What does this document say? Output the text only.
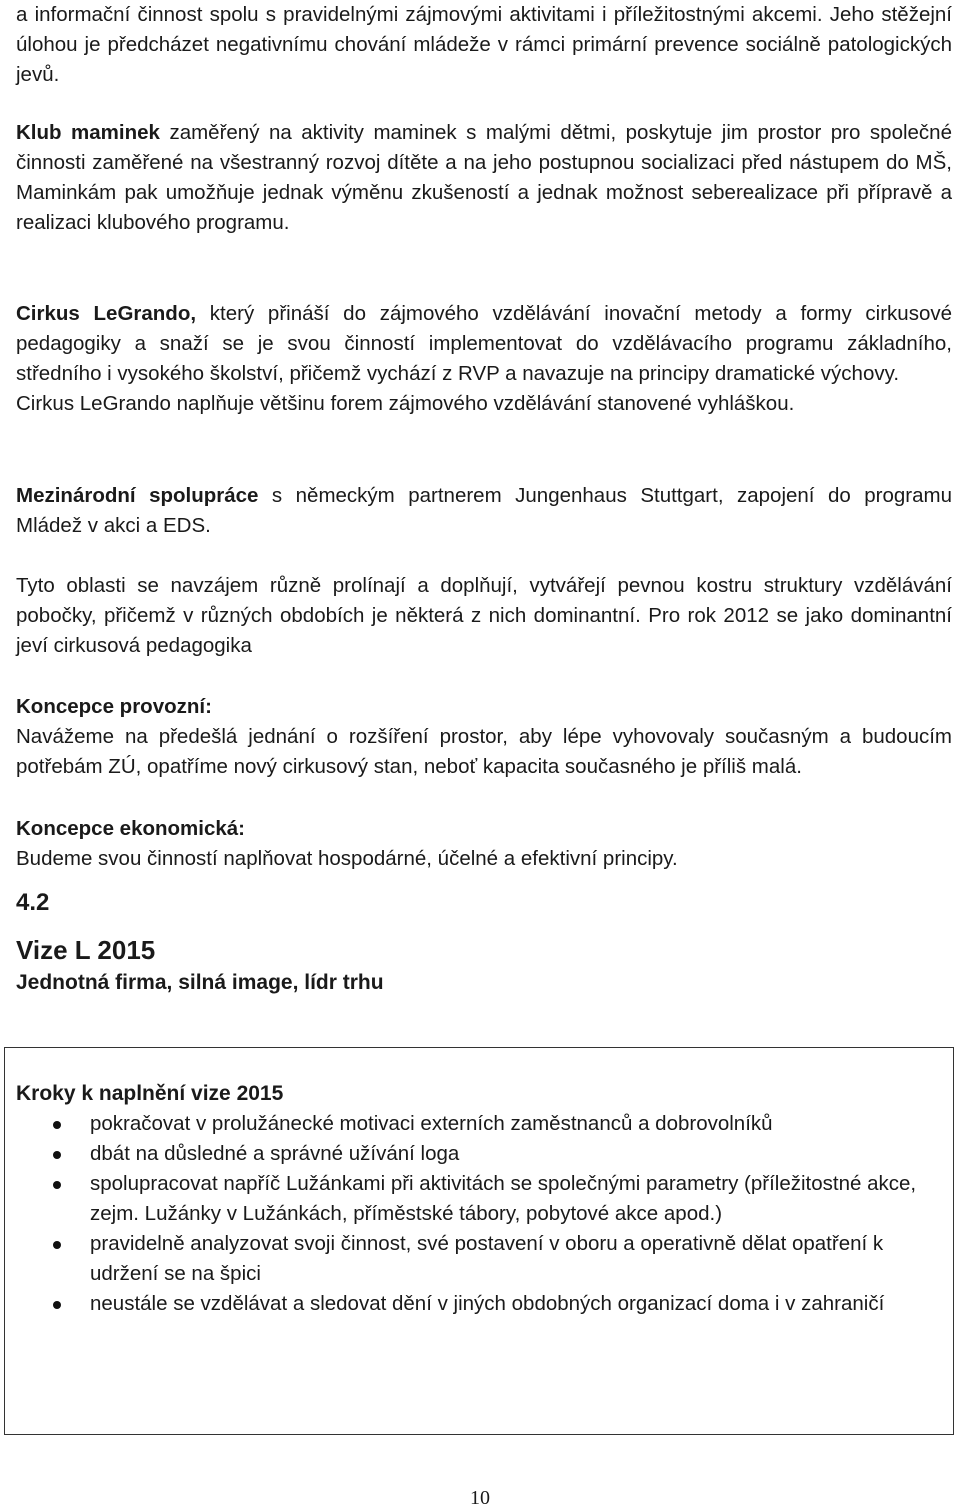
a informační činnost spolu s pravidelnými zájmovými aktivitami i příležitostnými akcemi. Jeho stěžejní úlohou je předcházet negativnímu chování mládeže v rámci primární prevence sociálně patologických jevů.

Klub maminek zaměřený na aktivity maminek s malými dětmi, poskytuje jim prostor pro společné činnosti zaměřené na všestranný rozvoj dítěte a na jeho postupnou socializaci před nástupem do MŠ, Maminkám pak umožňuje jednak výměnu zkušeností a jednak možnost seberealizace při přípravě a realizaci klubového programu.

Cirkus LeGrando, který přináší do zájmového vzdělávání inovační metody a formy cirkusové pedagogiky a snaží se je svou činností implementovat do vzdělávacího programu základního, středního i vysokého školství, přičemž vychází z RVP a navazuje na principy dramatické výchovy.

Cirkus LeGrando naplňuje většinu forem zájmového vzdělávání stanovené vyhláškou.

Mezinárodní spolupráce s německým partnerem Jungenhaus Stuttgart, zapojení do programu Mládež v akci a EDS.

Tyto oblasti se navzájem různě prolínají a doplňují, vytvářejí pevnou kostru struktury vzdělávání pobočky, přičemž v různých obdobích je některá z nich dominantní. Pro rok 2012 se jako dominantní jeví cirkusová pedagogika

Koncepce provozní:

Navážeme na předešlá jednání o rozšíření prostor, aby lépe vyhovovaly současným a budoucím potřebám ZÚ, opatříme nový cirkusový stan, neboť kapacita současného je příliš malá.

Koncepce ekonomická:

Budeme svou činností naplňovat hospodárné, účelné a efektivní principy.

4.2
Vize L 2015
Jednotná firma, silná image, lídr trhu
Kroky k naplnění vize 2015
pokračovat v prolužánecké motivaci externích zaměstnanců a dobrovolníků
dbát na důsledné a správné užívání loga
spolupracovat napříč Lužánkami při aktivitách se společnými parametry (příležitostné akce, zejm. Lužánky v Lužánkách, příměstské tábory, pobytové akce apod.)
pravidelně analyzovat svoji činnost, své postavení v oboru a operativně dělat opatření k udržení se na špici
neustále se vzdělávat a sledovat dění v jiných obdobných organizací doma i v zahraničí
10
